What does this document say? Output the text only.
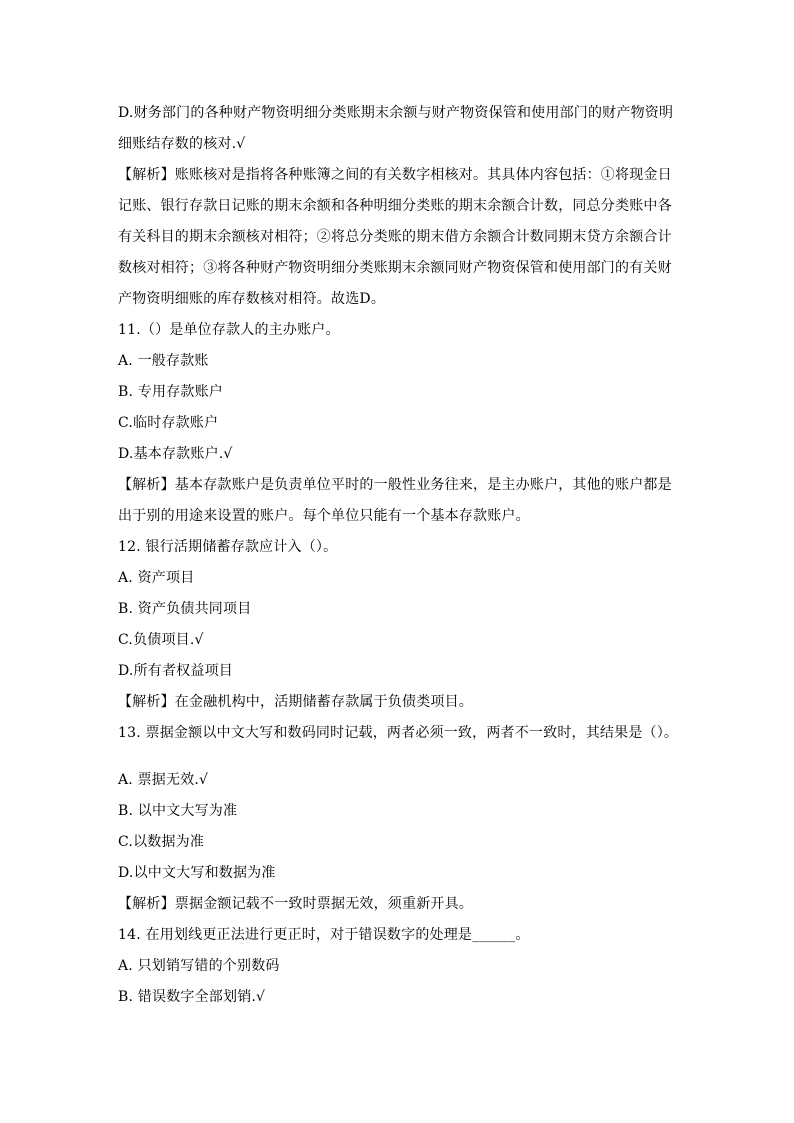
D.财务部门的各种财产物资明细分类账期末余额与财产物资保管和使用部门的财产物资明
细账结存数的核对.√
【解析】账账核对是指将各种账簿之间的有关数字相核对。其具体内容包括：①将现金日
记账、银行存款日记账的期末余额和各种明细分类账的期末余额合计数，同总分类账中各
有关科目的期末余额核对相符；②将总分类账的期末借方余额合计数同期末贷方余额合计
数核对相符；③将各种财产物资明细分类账期末余额同财产物资保管和使用部门的有关财
产物资明细账的库存数核对相符。故选D。
11.（）是单位存款人的主办账户。
A. 一般存款账
B. 专用存款账户
C.临时存款账户
D.基本存款账户.√
【解析】基本存款账户是负责单位平时的一般性业务往来，是主办账户，其他的账户都是
出于别的用途来设置的账户。每个单位只能有一个基本存款账户。
12. 银行活期储蓄存款应计入（）。
A. 资产项目
B. 资产负债共同项目
C.负债项目.√
D.所有者权益项目
【解析】在金融机构中，活期储蓄存款属于负债类项目。
13. 票据金额以中文大写和数码同时记载，两者必须一致，两者不一致时，其结果是（）。
A. 票据无效.√
B. 以中文大写为准
C.以数据为准
D.以中文大写和数据为准
【解析】票据金额记载不一致时票据无效，须重新开具。
14. 在用划线更正法进行更正时，对于错误数字的处理是______。
A. 只划销写错的个别数码
B. 错误数字全部划销.√
